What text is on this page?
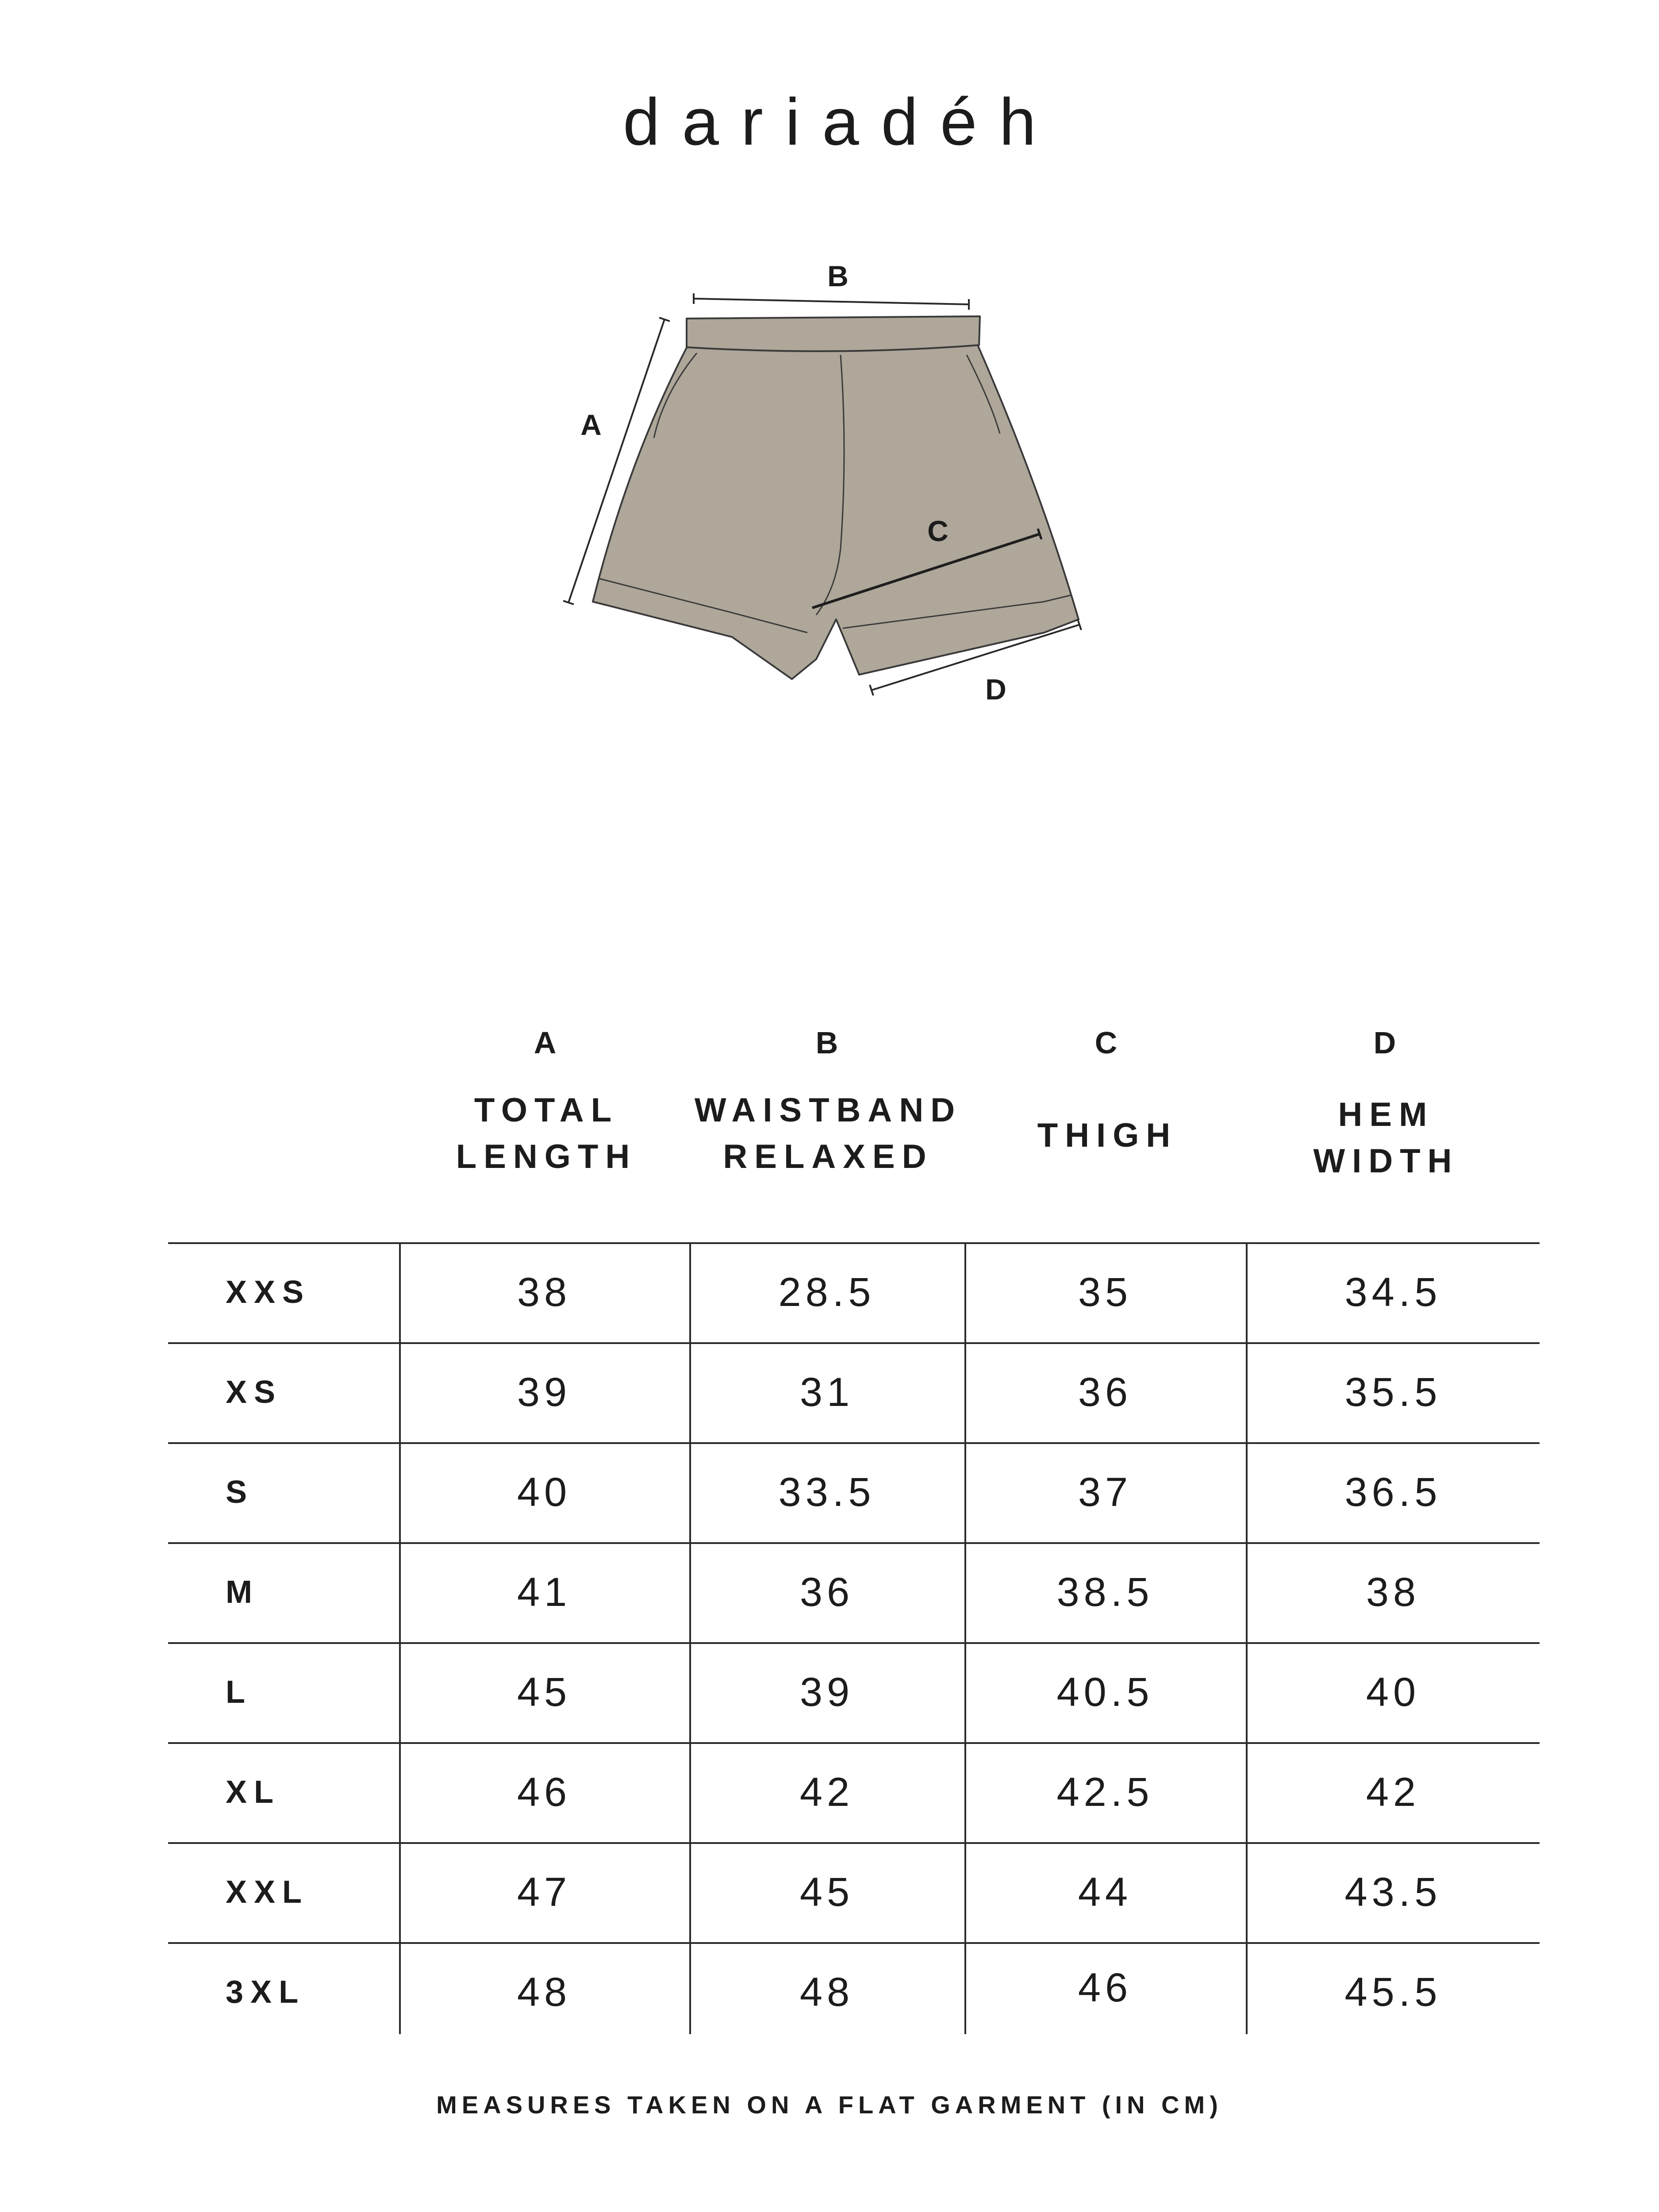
dariadéh
B
A
C
D
A
TOTAL
LENGTH
B
WAISTBAND
RELAXED
C
THIGH
D
HEM
WIDTH
XXS	38	28.5	35	34.5
XS	39	31	36	35.5
S	40	33.5	37	36.5
M	41	36	38.5	38
L	45	39	40.5	40
XL	46	42	42.5	42
XXL	47	45	44	43.5
3XL	48	48	46	45.5
MEASURES TAKEN ON A FLAT GARMENT (IN CM)
